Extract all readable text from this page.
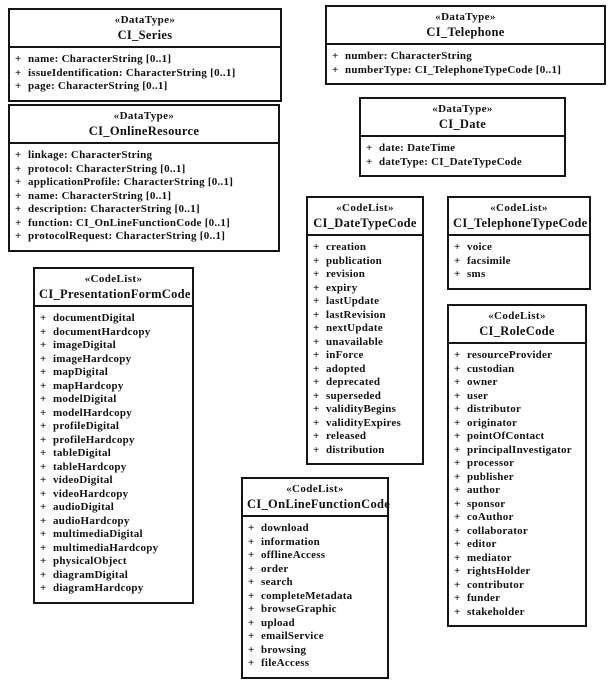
«DataType»
CI_Series
+ name: CharacterString [0..1]
+ issueIdentification: CharacterString [0..1]
+ page: CharacterString [0..1]
«DataType»
CI_Telephone
+ number: CharacterString
+ numberType: CI_TelephoneTypeCode [0..1]
«DataType»
CI_OnlineResource
+ linkage: CharacterString
+ protocol: CharacterString [0..1]
+ applicationProfile: CharacterString [0..1]
+ name: CharacterString [0..1]
+ description: CharacterString [0..1]
+ function: CI_OnLineFunctionCode [0..1]
+ protocolRequest: CharacterString [0..1]
«DataType»
CI_Date
+ date: DateTime
+ dateType: CI_DateTypeCode
«CodeList»
CI_DateTypeCode
+ creation
+ publication
+ revision
+ expiry
+ lastUpdate
+ lastRevision
+ nextUpdate
+ unavailable
+ inForce
+ adopted
+ deprecated
+ superseded
+ validityBegins
+ validityExpires
+ released
+ distribution
«CodeList»
CI_TelephoneTypeCode
+ voice
+ facsimile
+ sms
«CodeList»
CI_PresentationFormCode
+ documentDigital
+ documentHardcopy
+ imageDigital
+ imageHardcopy
+ mapDigital
+ mapHardcopy
+ modelDigital
+ modelHardcopy
+ profileDigital
+ profileHardcopy
+ tableDigital
+ tableHardcopy
+ videoDigital
+ videoHardcopy
+ audioDigital
+ audioHardcopy
+ multimediaDigital
+ multimediaHardcopy
+ physicalObject
+ diagramDigital
+ diagramHardcopy
«CodeList»
CI_RoleCode
+ resourceProvider
+ custodian
+ owner
+ user
+ distributor
+ originator
+ pointOfContact
+ principalInvestigator
+ processor
+ publisher
+ author
+ sponsor
+ coAuthor
+ collaborator
+ editor
+ mediator
+ rightsHolder
+ contributor
+ funder
+ stakeholder
«CodeList»
CI_OnLineFunctionCode
+ download
+ information
+ offlineAccess
+ order
+ search
+ completeMetadata
+ browseGraphic
+ upload
+ emailService
+ browsing
+ fileAccess
